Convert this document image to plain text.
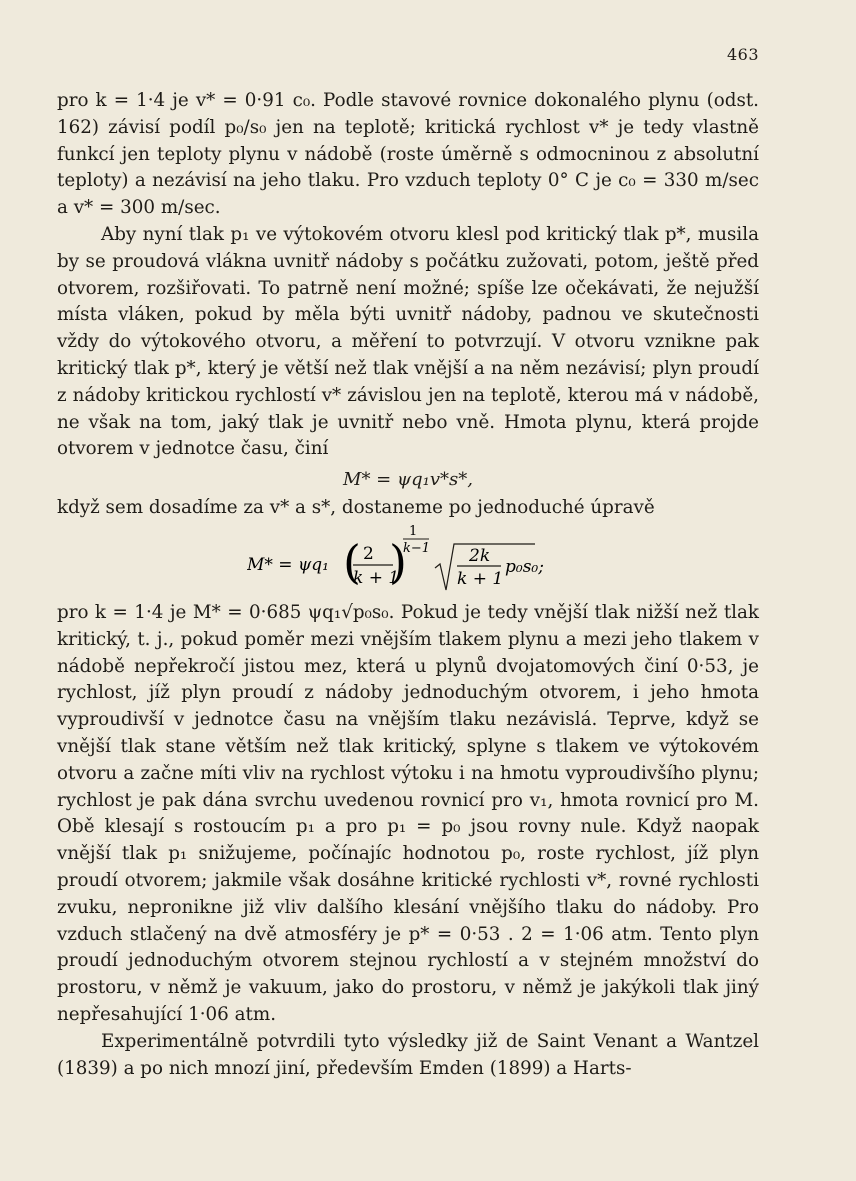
463

pro k = 1·4 je v* = 0·91 c₀. Podle stavové rovnice dokonalého plynu (odst. 162) závisí podíl p₀/s₀ jen na teplotě; kritická rychlost v* je tedy vlastně funkcí jen teploty plynu v nádobě (roste úměrně s odmocninou z absolutní teploty) a nezávisí na jeho tlaku. Pro vzduch teploty 0° C je c₀ = 330 m/sec a v* = 300 m/sec.

Aby nyní tlak p₁ ve výtokovém otvoru klesl pod kritický tlak p*, musila by se proudová vlákna uvnitř nádoby s počátku zužovati, potom, ještě před otvorem, rozšiřovati. To patrně není možné; spíše lze očekávati, že nejužší místa vláken, pokud by měla býti uvnitř nádoby, padnou ve skutečnosti vždy do výtokového otvoru, a měření to potvrzují. V otvoru vznikne pak kritický tlak p*, který je větší než tlak vnější a na něm nezávisí; plyn proudí z nádoby kritickou rychlostí v* závislou jen na teplotě, kterou má v nádobě, ne však na tom, jaký tlak je uvnitř nebo vně. Hmota plynu, která projde otvorem v jednotce času, činí

M* = ψq₁v*s*,

když sem dosadíme za v* a s*, dostaneme po jednoduché úpravě

M* = ψq₁ ( 2
k + 1
)
1
k−1 2k
k + 1
p₀s₀;

pro k = 1·4 je M* = 0·685 ψq₁√p₀s₀. Pokud je tedy vnější tlak nižší než tlak kritický, t. j., pokud poměr mezi vnějším tlakem plynu a mezi jeho tlakem v nádobě nepřekročí jistou mez, která u plynů dvojatomových činí 0·53, je rychlost, jíž plyn proudí z nádoby jednoduchým otvorem, i jeho hmota vyproudivší v jednotce času na vnějším tlaku nezávislá. Teprve, když se vnější tlak stane větším než tlak kritický, splyne s tlakem ve výtokovém otvoru a začne míti vliv na rychlost výtoku i na hmotu vyproudivšího plynu; rychlost je pak dána svrchu uvedenou rovnicí pro v₁, hmota rovnicí pro M. Obě klesají s rostoucím p₁ a pro p₁ = p₀ jsou rovny nule. Když naopak vnější tlak p₁ snižujeme, počínajíc hodnotou p₀, roste rychlost, jíž plyn proudí otvorem; jakmile však dosáhne kritické rychlosti v*, rovné rychlosti zvuku, nepronikne již vliv dalšího klesání vnějšího tlaku do nádoby. Pro vzduch stlačený na dvě atmosféry je p* = 0·53 . 2 = 1·06 atm. Tento plyn proudí jednoduchým otvorem stejnou rychlostí a v stejném množství do prostoru, v němž je vakuum, jako do prostoru, v němž je jakýkoli tlak jiný nepřesahující 1·06 atm.

Experimentálně potvrdili tyto výsledky již de Saint Venant a Wantzel (1839) a po nich mnozí jiní, především Emden (1899) a Harts-
